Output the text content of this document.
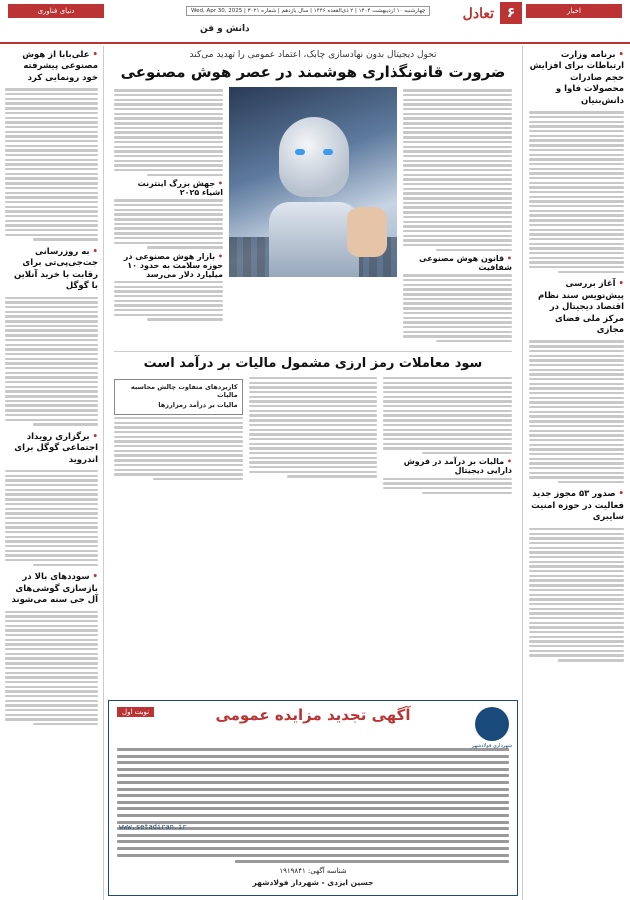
دنیای فناوری	اخبار
۶
تعادل
چهارشنبه ۱۰ اردیبهشت ۱۴۰۴ | ۲ ذی‌القعده ۱۴۴۶ | سال یازدهم | شماره ۳۰۲۱ | Wed, Apr 30, 2025
دانش و فن
• برنامه وزارت ارتباطات برای افزایش حجم صادرات محصولات فاوا و دانش‌بنیان
• آغاز بررسی پیش‌نویس سند نظام اقتصاد دیجیتال در مرکز ملی فضای مجازی
• صدور ۵۳ مجوز جدید فعالیت در حوزه امنیت سایبری
• علی‌بابا از هوش مصنوعی پیشرفته خود رونمایی کرد
• به روزرسانی جت‌جی‌پی‌تی برای رقابت با خرید آنلاین با گوگل
• برگزاری رویداد اجتماعی گوگل برای اندروید
• سوددهای بالا در بازسازی گوشی‌های آل جی سنه می‌شوند
تحول دیجیتال بدون نهادسازی چابک، اعتماد عمومی را تهدید می‌کند
ضرورت قانونگذاری هوشمند در عصر هوش مصنوعی
• قانون هوش مصنوعی شفافیت
• جهش بزرگ اینترنت اشیاء ۲۰۲۵
• بازار هوش مصنوعی در حوزه سلامت به حدود ۱۰ میلیارد دلار می‌رسد
سود معاملات رمز ارزی مشمول مالیات بر درآمد است
• مالیات بر درآمد در فروش دارایی دیجیتال
کاربردهای متفاوت چالش محاسبه مالیات
مالیات بر درآمد رمزارزها
نوبت اول
شهرداری فولادشهر
آگهی تجدید مزایده عمومی
www.setadiran.ir
شناسه آگهی: ۱۹۱۹۸۴۱
حسین ایزدی - شهردار فولادشهر
